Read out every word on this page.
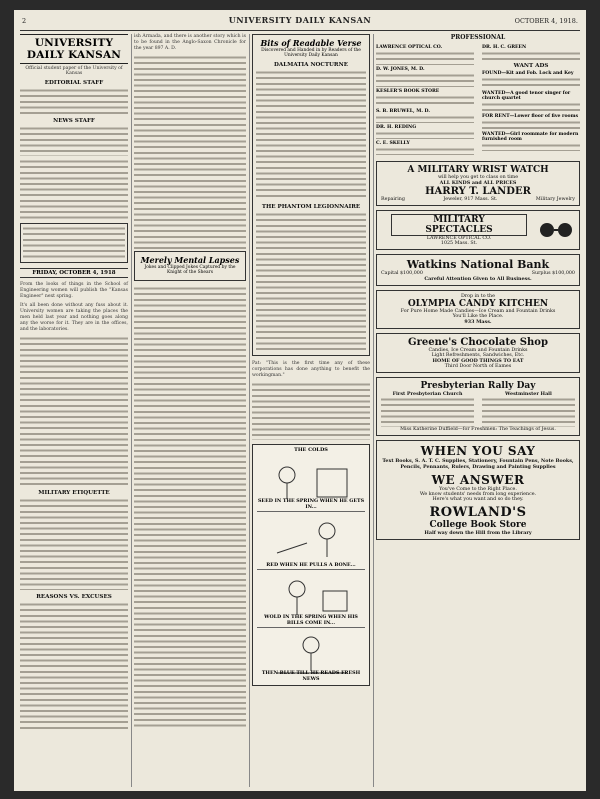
2	UNIVERSITY DAILY KANSAN	OCTOBER 4, 1918.
UNIVERSITY DAILY KANSAN
Official student paper of the University of Kansas
EDITORIAL STAFF
NEWS STAFF
FRIDAY, OCTOBER 4, 1918

From the looks of things in the School of Engineering women will publish the "Kansas Engineer" next spring.

It's all been done without any fuss about it. University women are taking the places the men held last year and nothing goes along any the worse for it. They are in the offices, and the laboratories.

MILITARY ETIQUETTE
REASONS VS. EXCUSES

ish Armada, and there is another story which is to be found in the Anglo-Saxon Chronicle for the year 897 A. D.

Merely Mental Lapses
Jokes and Clipped Jokes Captured by the Knight of the Shears
Bits of Readable Verse
Discovered and Handed in by Readers of the University Daily Kansan
DALMATIA NOCTURNE
THE PHANTOM LEGIONNAIRE

Pat: "This is the first time any of these corporations has done anything to benefit the workingman."

THE COLDS
SEED IN THE SPRING WHEN HE GETS IN...
RED WHEN HE PULLS A BONE...
WOLD IN THE SPRING WHEN HIS BILLS COME IN...
THEN BLUE TILL HE READS FRESH NEWS
PROFESSIONAL
LAWRENCE OPTICAL CO.
D. W. JONES, M. D.
KESLER'S BOOK STORE
S. B. BRUWEL, M. D.
DR. H. REDING
C. E. SKELLY
DR. H. C. GREEN
WANT ADS
FOUND—Kit and Fob. Lock and Key
WANTED—A good tenor singer for church quartet
FOR RENT—Lower floor of five rooms
WANTED—Girl roommate for modern furnished room
A MILITARY WRIST WATCH
will help you get to class on time
ALL KINDS and ALL PRICES
HARRY T. LANDER
Repairing	Jeweler, 917 Mass. St.	Military Jewelry
MILITARY
SPECTACLES
LAWRENCE OPTICAL CO.
1025 Mass. St.
Watkins National Bank
Capital $100,000	Surplus $100,000
Careful Attention Given to All Business.
Drop in to the
OLYMPIA CANDY KITCHEN
For Pure Home Made Candies—Ice Cream and Fountain Drinks
You'll Like the Place.
933 Mass.
Greene's Chocolate Shop
Candies, Ice Cream and Fountain Drinks
Light Refreshments, Sandwiches, Etc.
HOME OF GOOD THINGS TO EAT
Third Door North of Eames
Presbyterian Rally Day
First Presbyterian Church	Westminster Hall
Miss Katherine Duffield—for Freshmen: The Teachings of Jesus.
WHEN YOU SAY
Text Books, S. A. T. C. Supplies, Stationery, Fountain Pens, Note Books, Pencils, Pennants, Rulers, Drawing and Painting Supplies
WE ANSWER
You've Come to the Right Place.
We know students' needs from long experience.
Here's what you want and so do they.
ROWLAND'S
College Book Store
Half way down the Hill from the Library
